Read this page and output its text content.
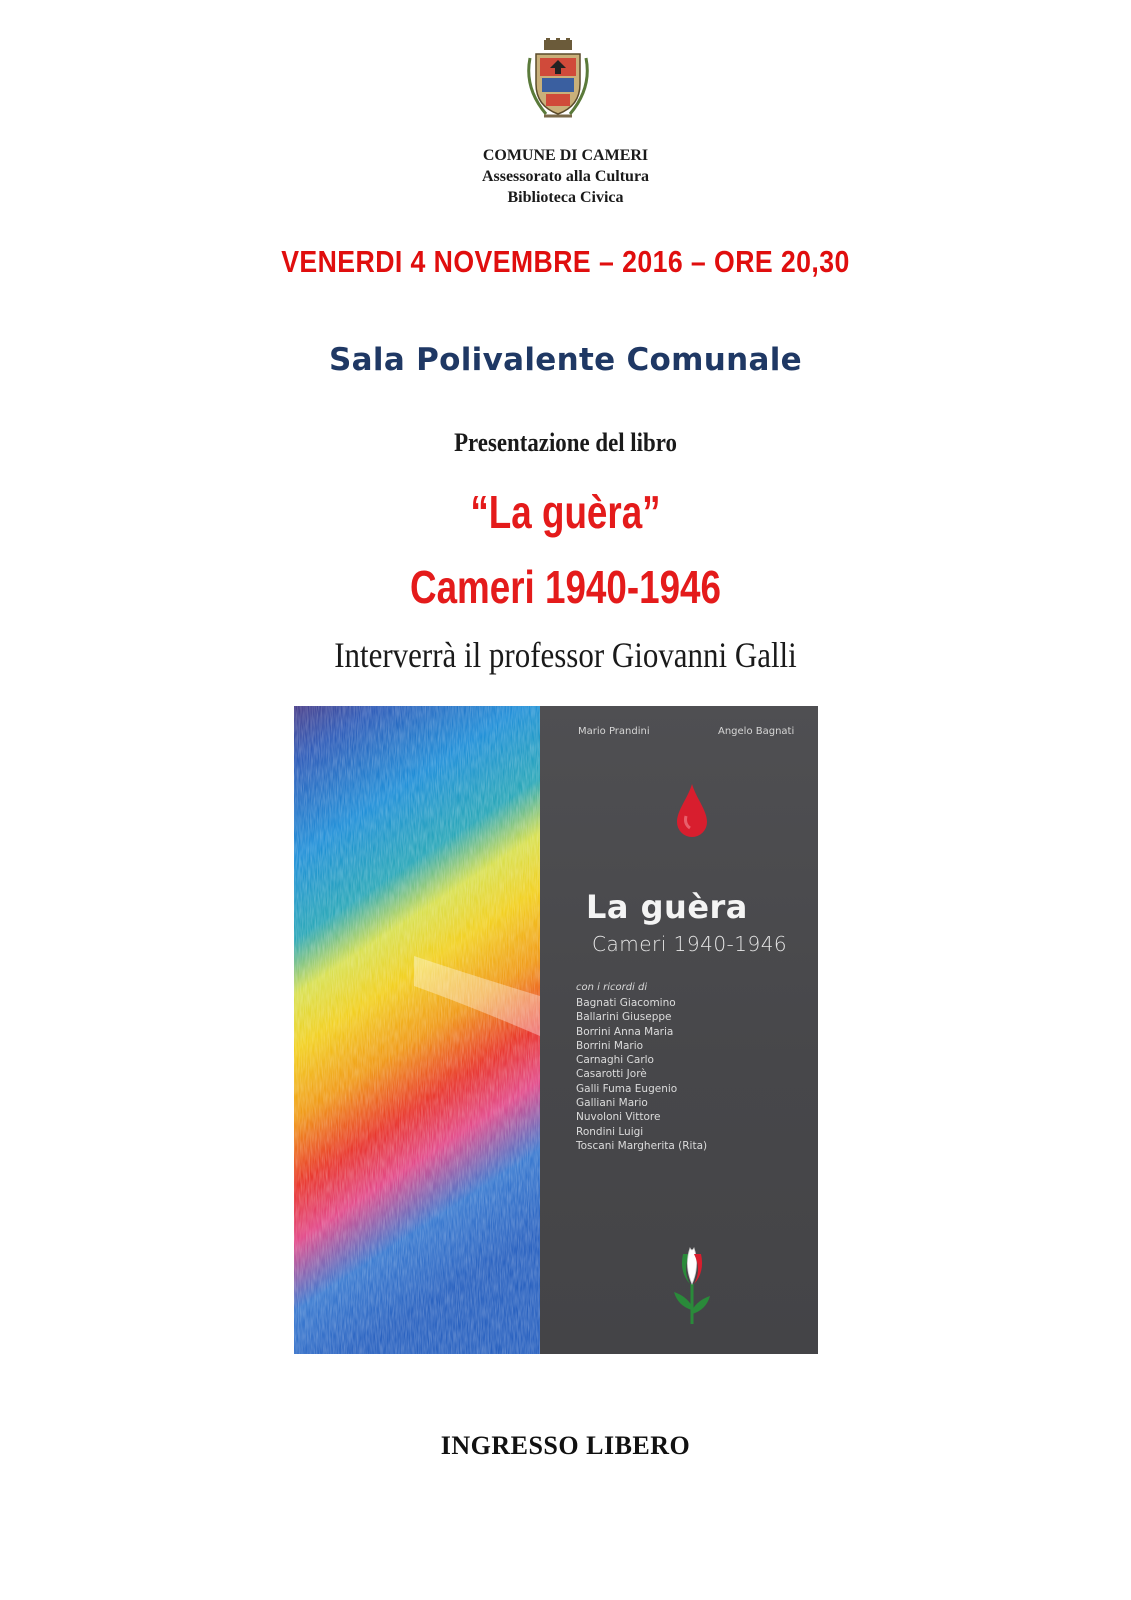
COMUNE DI CAMERI
Assessorato alla Cultura
Biblioteca Civica
VENERDI 4 NOVEMBRE – 2016 – ORE 20,30
Sala Polivalente Comunale
Presentazione del libro
“La guèra”
Cameri 1940-1946
Interverrà il professor Giovanni Galli
Mario Prandini	Angelo Bagnati
La guèra
Cameri 1940-1946
con i ricordi di
Bagnati Giacomino
Ballarini Giuseppe
Borrini Anna Maria
Borrini Mario
Carnaghi Carlo
Casarotti Jorè
Galli Fuma Eugenio
Galliani Mario
Nuvoloni Vittore
Rondini Luigi
Toscani Margherita (Rita)
INGRESSO LIBERO
